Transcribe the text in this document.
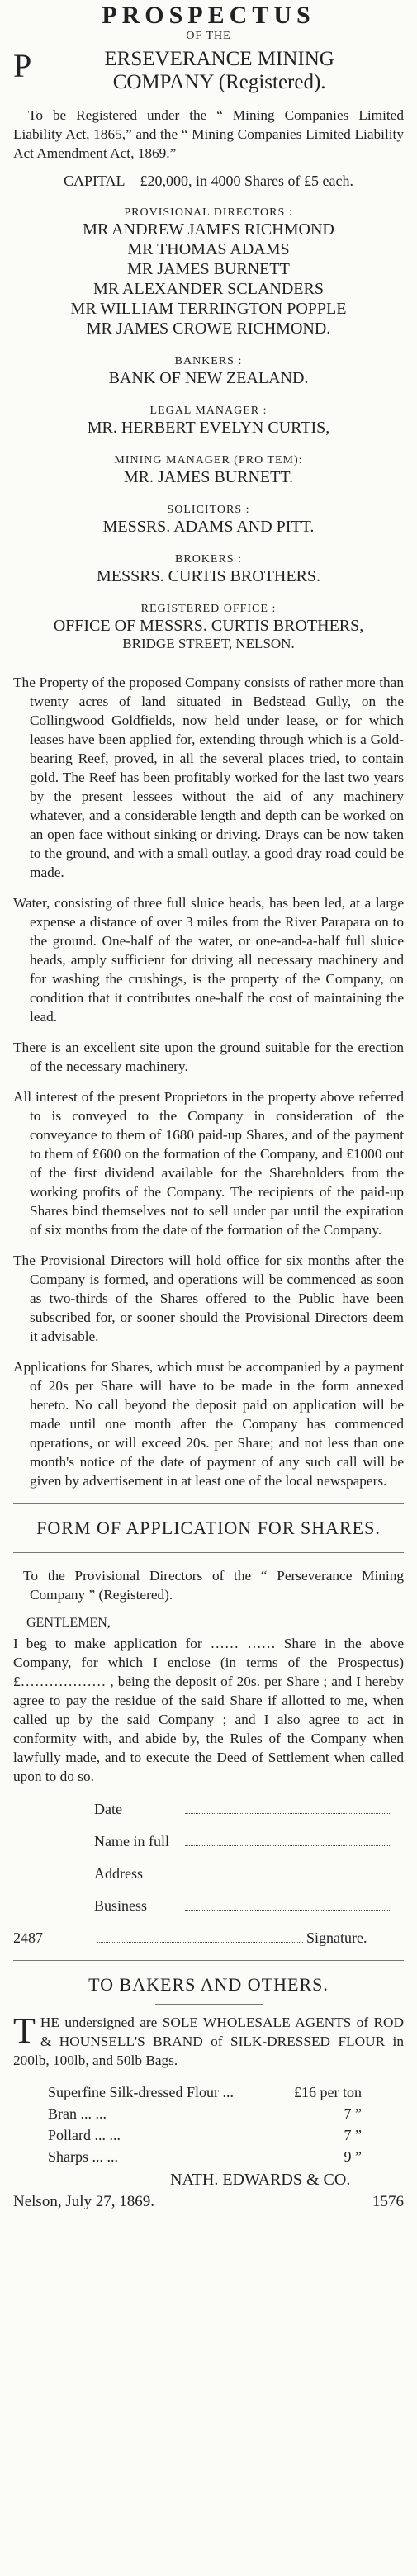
PROSPECTUS
OF THE
P	ERSEVERANCE MINING
COMPANY (Registered).
To be Registered under the “ Mining Companies Limited Liability Act, 1865,” and the “ Mining Companies Limited Liability Act Amendment Act, 1869.”
CAPITAL—£20,000, in 4000 Shares of £5 each.
PROVISIONAL DIRECTORS :
MR ANDREW JAMES RICHMOND
MR THOMAS ADAMS
MR JAMES BURNETT
MR ALEXANDER SCLANDERS
MR WILLIAM TERRINGTON POPPLE
MR JAMES CROWE RICHMOND.
BANKERS :
BANK OF NEW ZEALAND.
LEGAL MANAGER :
MR. HERBERT EVELYN CURTIS,
MINING MANAGER (PRO TEM):
MR. JAMES BURNETT.
SOLICITORS :
MESSRS. ADAMS AND PITT.
BROKERS :
MESSRS. CURTIS BROTHERS.
REGISTERED OFFICE :
OFFICE OF MESSRS. CURTIS BROTHERS,
BRIDGE STREET, NELSON.
The Property of the proposed Company consists of rather more than twenty acres of land situated in Bedstead Gully, on the Collingwood Goldfields, now held under lease, or for which leases have been applied for, extending through which is a Gold-bearing Reef, proved, in all the several places tried, to contain gold. The Reef has been profitably worked for the last two years by the present lessees without the aid of any machinery whatever, and a considerable length and depth can be worked on an open face without sinking or driving. Drays can be now taken to the ground, and with a small outlay, a good dray road could be made.
Water, consisting of three full sluice heads, has been led, at a large expense a distance of over 3 miles from the River Parapara on to the ground. One-half of the water, or one-and-a-half full sluice heads, amply sufficient for driving all necessary machinery and for washing the crushings, is the property of the Company, on condition that it contributes one-half the cost of maintaining the lead.
There is an excellent site upon the ground suitable for the erection of the necessary machinery.
All interest of the present Proprietors in the property above referred to is conveyed to the Company in consideration of the conveyance to them of 1680 paid-up Shares, and of the payment to them of £600 on the formation of the Company, and £1000 out of the first dividend available for the Shareholders from the working profits of the Company. The recipients of the paid-up Shares bind themselves not to sell under par until the expiration of six months from the date of the formation of the Company.
The Provisional Directors will hold office for six months after the Company is formed, and operations will be commenced as soon as two-thirds of the Shares offered to the Public have been subscribed for, or sooner should the Provisional Directors deem it advisable.
Applications for Shares, which must be accompanied by a payment of 20s per Share will have to be made in the form annexed hereto. No call beyond the deposit paid on application will be made until one month after the Company has commenced operations, or will exceed 20s. per Share; and not less than one month's notice of the date of payment of any such call will be given by advertisement in at least one of the local newspapers.
FORM OF APPLICATION FOR SHARES.
To the Provisional Directors of the “ Perseverance Mining Company ” (Registered).
GENTLEMEN,
I beg to make application for …… …… Share in the above Company, for which I enclose (in terms of the Prospectus) £……………… , being the deposit of 20s. per Share ; and I hereby agree to pay the residue of the said Share if allotted to me, when called up by the said Company ; and I also agree to act in conformity with, and abide by, the Rules of the Company when lawfully made, and to execute the Deed of Settlement when called upon to do so.
Date
Name in full
Address
Business
2487	Signature.
TO BAKERS AND OTHERS.
T HE undersigned are SOLE WHOLESALE AGENTS of ROD & HOUNSELL'S BRAND of SILK-DRESSED FLOUR in 200lb, 100lb, and 50lb Bags.
Superfine Silk-dressed Flour ...	£16 per ton
Bran ... ...	7 ”
Pollard ... ...	7 ”
Sharps ... ...	9 ”
NATH. EDWARDS & CO.
Nelson, July 27, 1869.	1576
